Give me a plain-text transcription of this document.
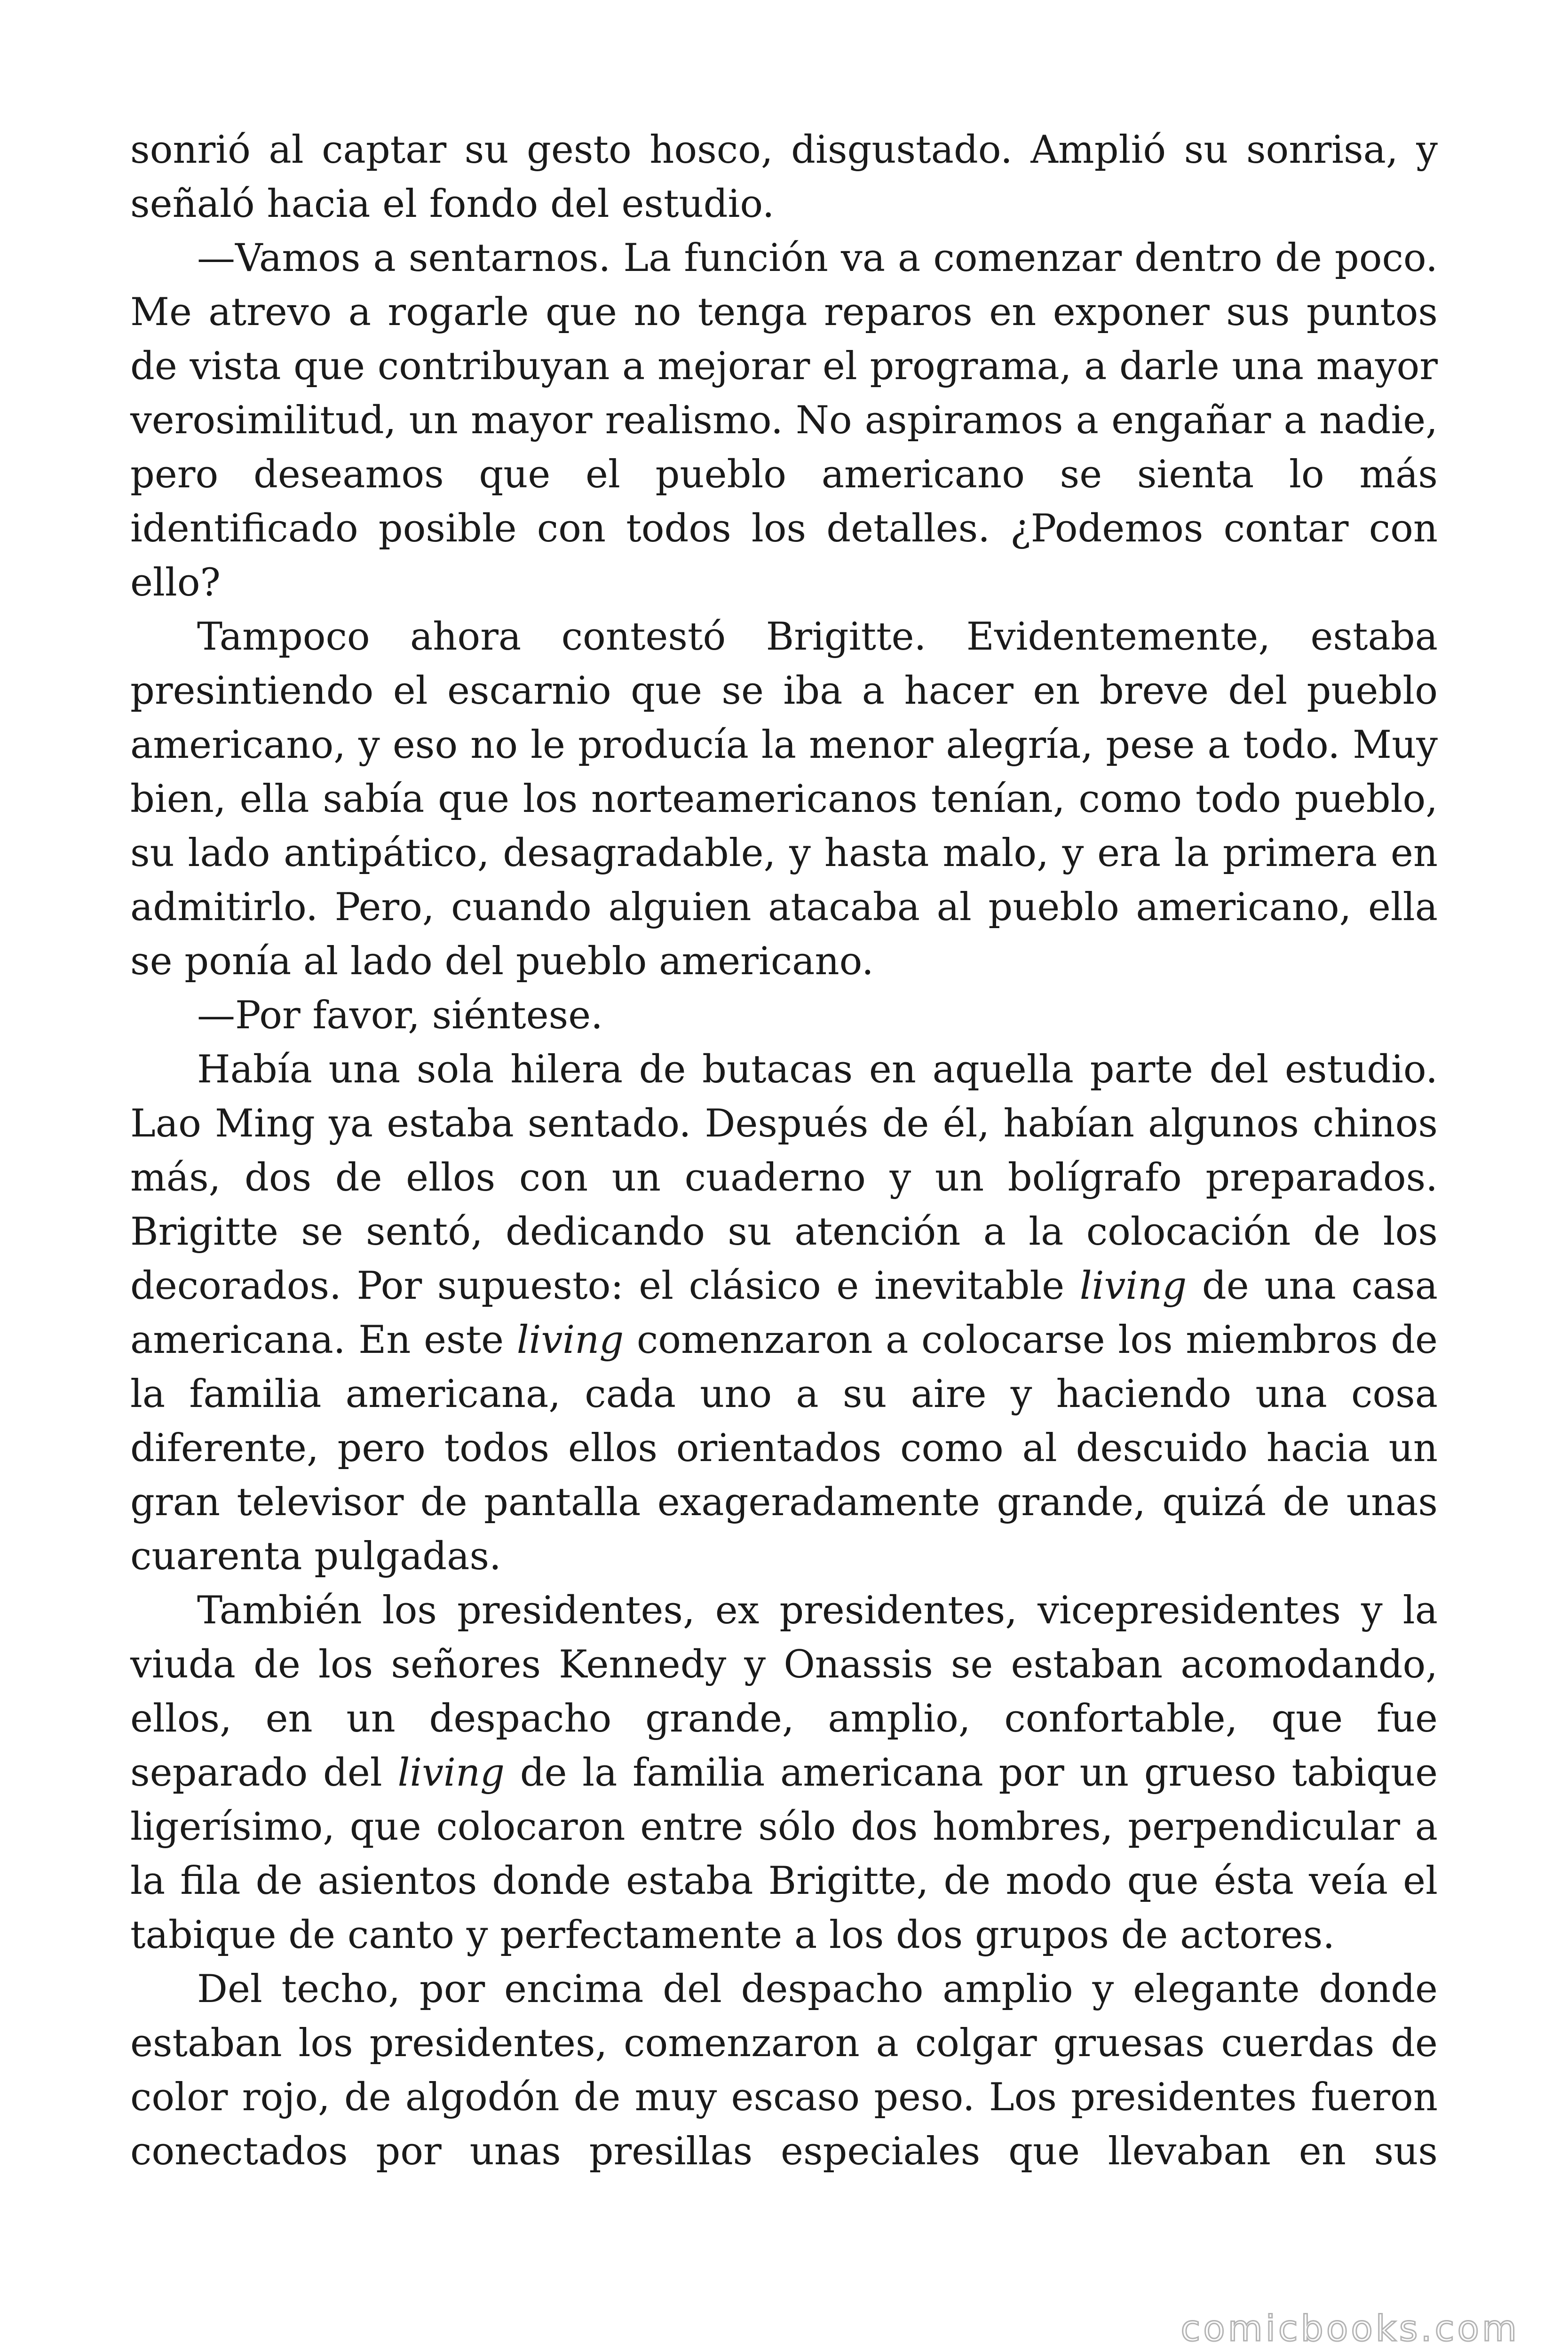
sonrió al captar su gesto hosco, disgustado. Amplió su sonrisa, y señaló hacia el fondo del estudio.

—Vamos a sentarnos. La función va a comenzar dentro de poco. Me atrevo a rogarle que no tenga reparos en exponer sus puntos de vista que contribuyan a mejorar el programa, a darle una mayor verosimilitud, un mayor realismo. No aspiramos a engañar a nadie, pero deseamos que el pueblo americano se sienta lo más identificado posible con todos los detalles. ¿Podemos contar con ello?

Tampoco ahora contestó Brigitte. Evidentemente, estaba presintiendo el escarnio que se iba a hacer en breve del pueblo americano, y eso no le producía la menor alegría, pese a todo. Muy bien, ella sabía que los norteamericanos tenían, como todo pueblo, su lado antipático, desagradable, y hasta malo, y era la primera en admitirlo. Pero, cuando alguien atacaba al pueblo americano, ella se ponía al lado del pueblo americano.

—Por favor, siéntese.

Había una sola hilera de butacas en aquella parte del estudio. Lao Ming ya estaba sentado. Después de él, habían algunos chinos más, dos de ellos con un cuaderno y un bolígrafo preparados. Brigitte se sentó, dedicando su atención a la colocación de los decorados. Por supuesto: el clásico e inevitable living de una casa americana. En este living comenzaron a colocarse los miembros de la familia americana, cada uno a su aire y haciendo una cosa diferente, pero todos ellos orientados como al descuido hacia un gran televisor de pantalla exageradamente grande, quizá de unas cuarenta pulgadas.

También los presidentes, ex presidentes, vicepresidentes y la viuda de los señores Kennedy y Onassis se estaban acomodando, ellos, en un despacho grande, amplio, confortable, que fue separado del living de la familia americana por un grueso tabique ligerísimo, que colocaron entre sólo dos hombres, perpendicular a la fila de asientos donde estaba Brigitte, de modo que ésta veía el tabique de canto y perfectamente a los dos grupos de actores.

Del techo, por encima del despacho amplio y elegante donde estaban los presidentes, comenzaron a colgar gruesas cuerdas de color rojo, de algodón de muy escaso peso. Los presidentes fueron conectados por unas presillas especiales que llevaban en sus

comicbooks.com
